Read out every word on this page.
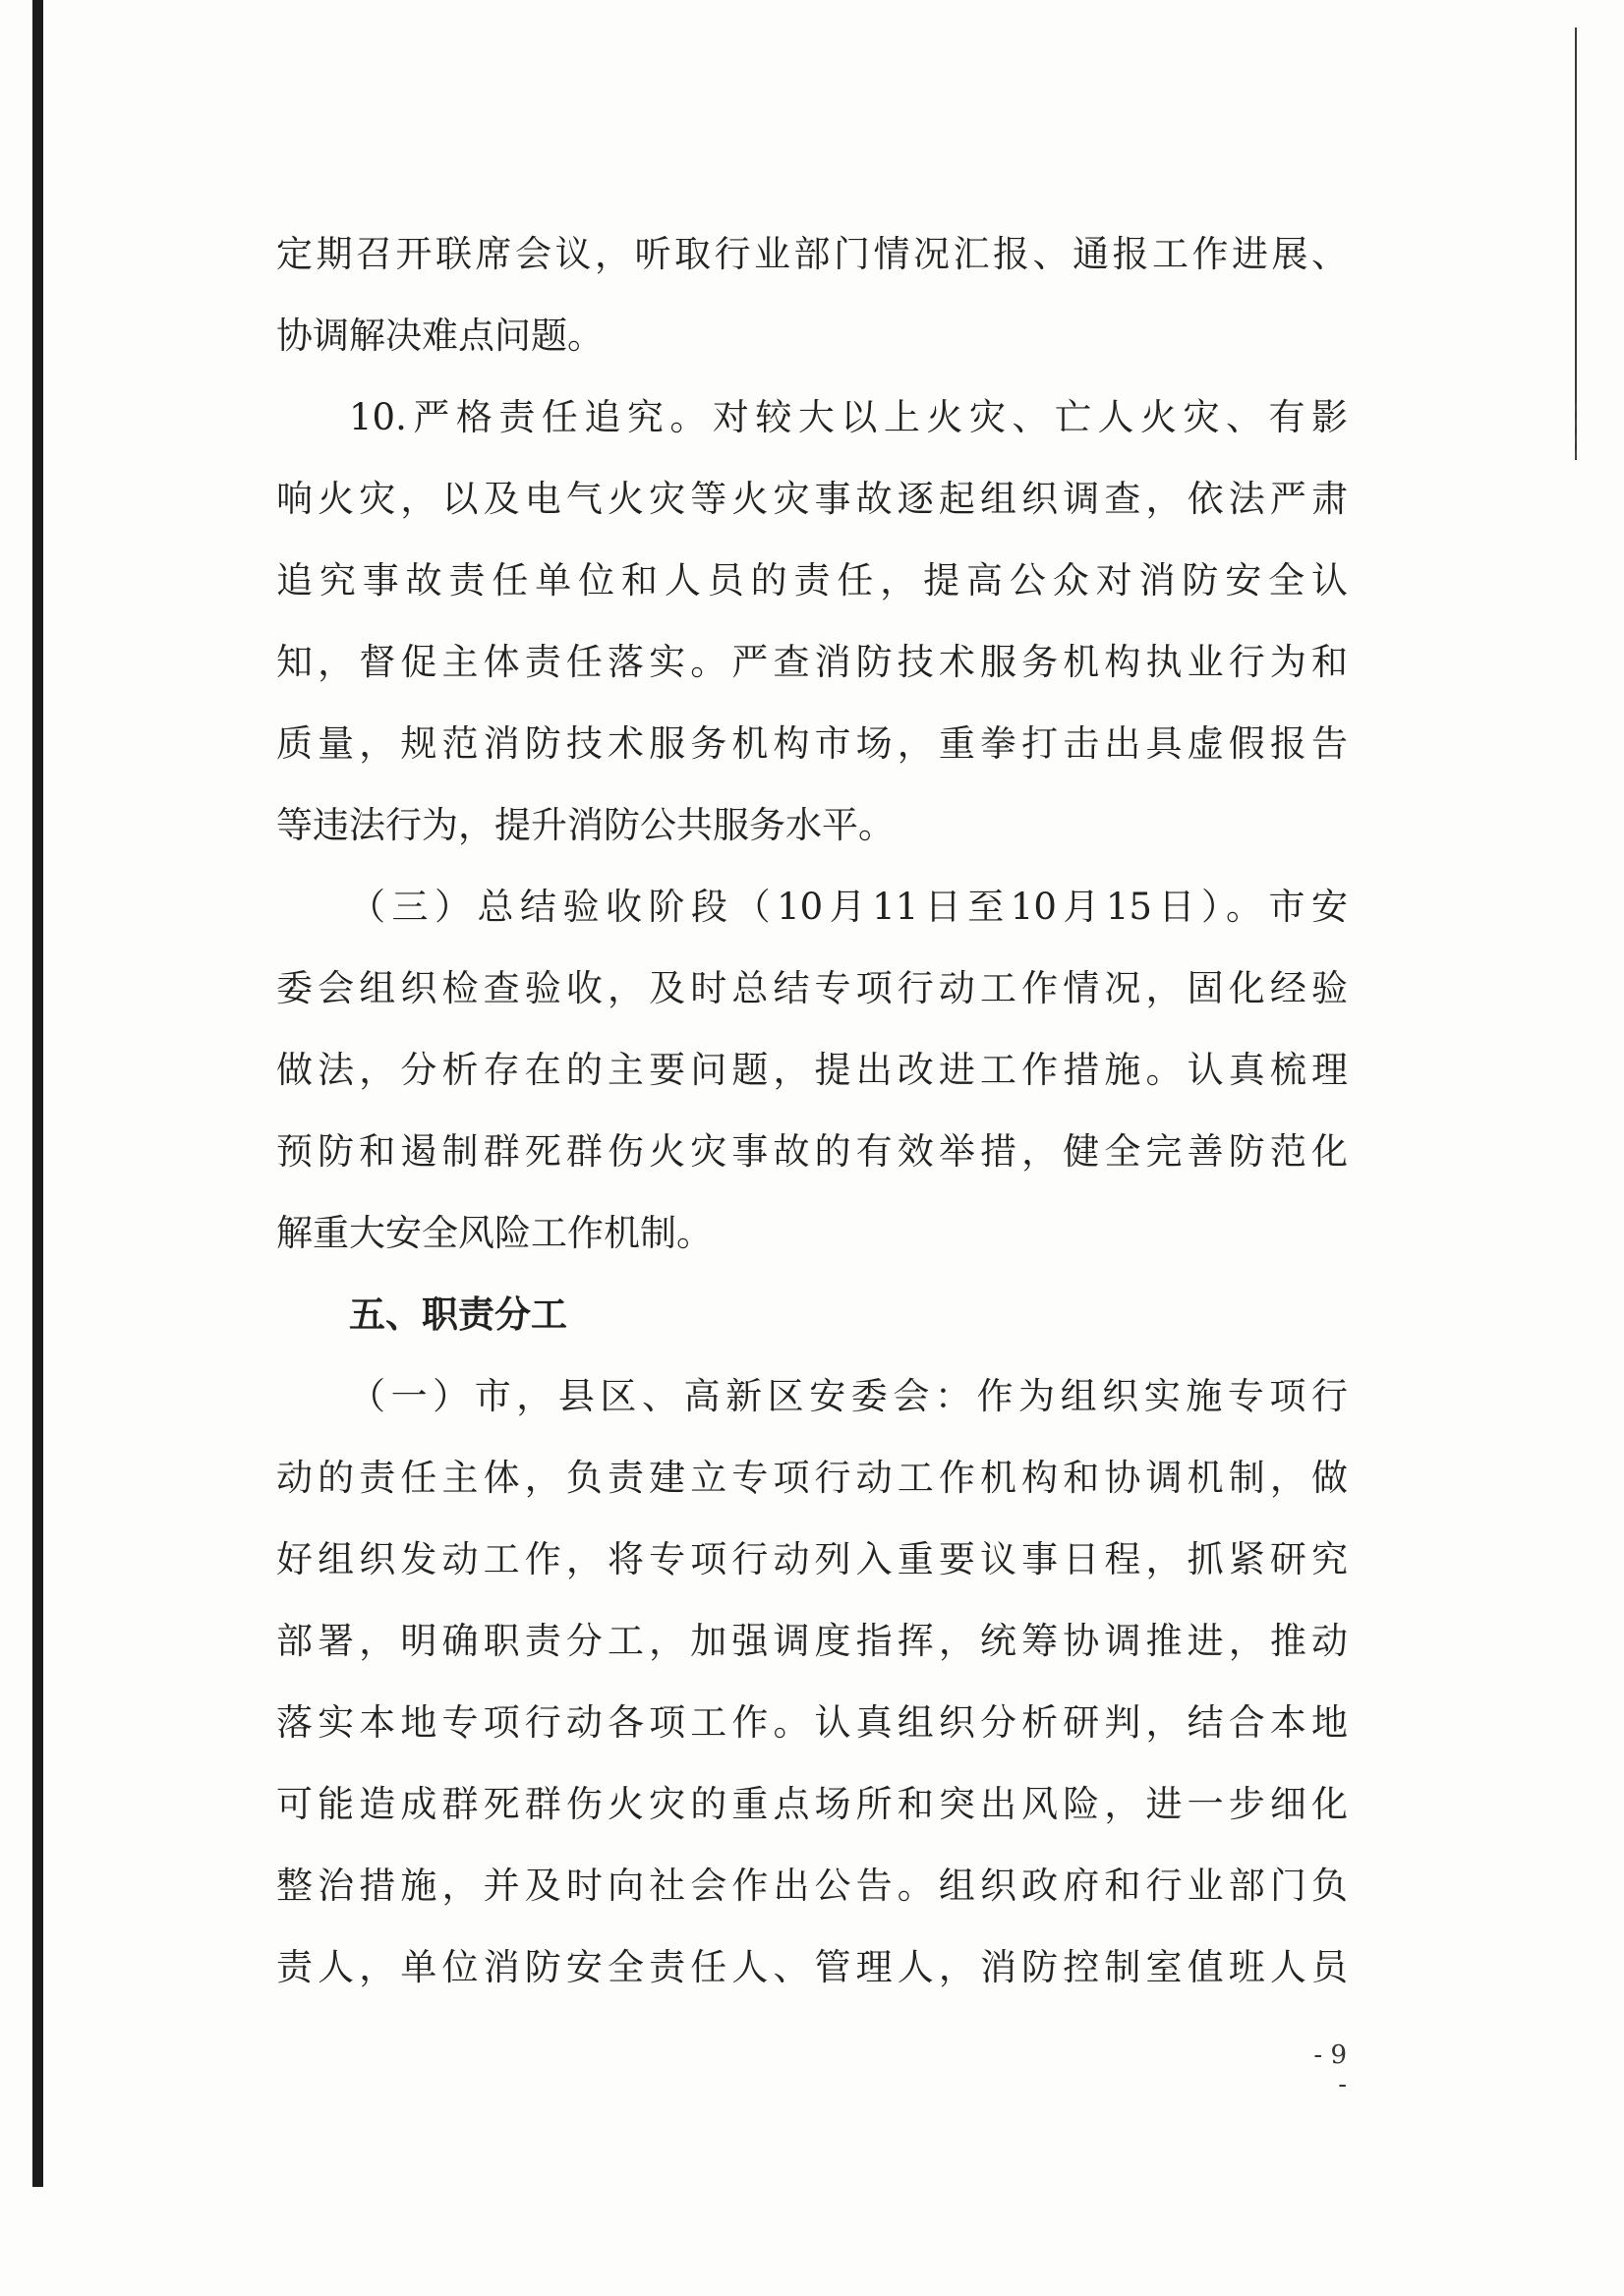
定期召开联席会议，听取行业部门情况汇报、通报工作进展、
协调解决难点问题。
10.严格责任追究。对较大以上火灾、亡人火灾、有影
响火灾，以及电气火灾等火灾事故逐起组织调查，依法严肃
追究事故责任单位和人员的责任，提高公众对消防安全认
知，督促主体责任落实。严查消防技术服务机构执业行为和
质量，规范消防技术服务机构市场，重拳打击出具虚假报告
等违法行为，提升消防公共服务水平。
（三）总结验收阶段（10月11日至10月15日）。市安
委会组织检查验收，及时总结专项行动工作情况，固化经验
做法，分析存在的主要问题，提出改进工作措施。认真梳理
预防和遏制群死群伤火灾事故的有效举措，健全完善防范化
解重大安全风险工作机制。
五、职责分工
（一）市，县区、高新区安委会：作为组织实施专项行
动的责任主体，负责建立专项行动工作机构和协调机制，做
好组织发动工作，将专项行动列入重要议事日程，抓紧研究
部署，明确职责分工，加强调度指挥，统筹协调推进，推动
落实本地专项行动各项工作。认真组织分析研判，结合本地
可能造成群死群伤火灾的重点场所和突出风险，进一步细化
整治措施，并及时向社会作出公告。组织政府和行业部门负
责人，单位消防安全责任人、管理人，消防控制室值班人员
- 9 -
